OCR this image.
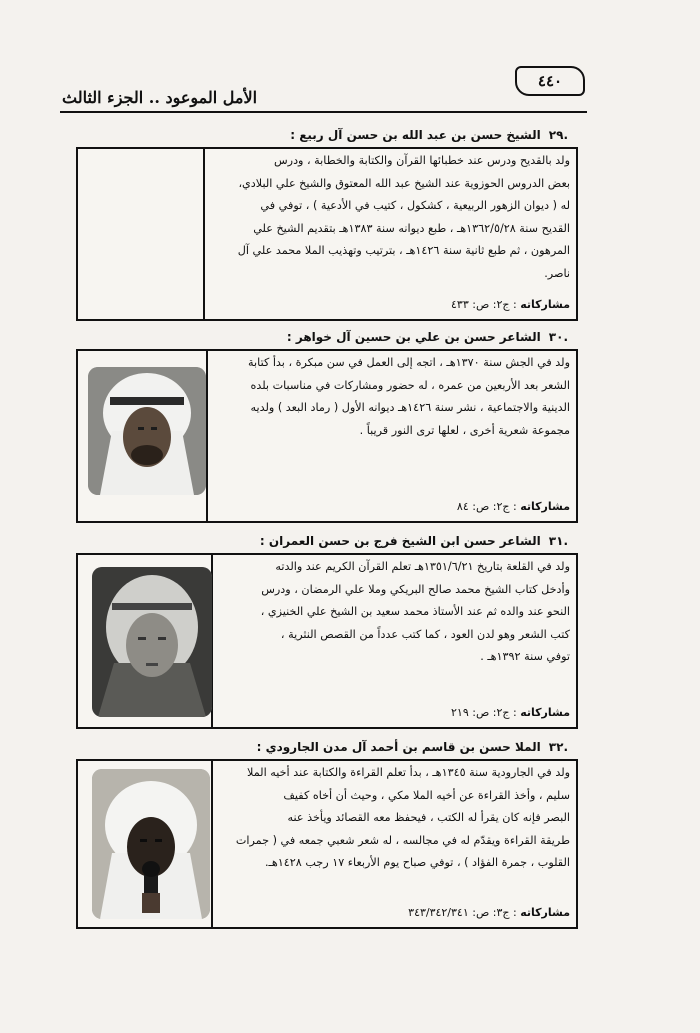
٤٤٠
الأمل الموعود .. الجزء الثالث
.٢٩الشيخ حسن بن عبد الله بن حسن آل ربيع :
ولد بالقديح ودرس عند خطبائها القرآن والكتابة والخطابة ، ودرس
بعض الدروس الحوزوية عند الشيخ عبد الله المعتوق والشيخ علي البلادي،
له ( ديوان الزهور الربيعية ، كشكول ، كتيب في الأدعية ) ، توفي في
القديح سنة ١٣٦٢/٥/٢٨هـ ، طبع ديوانه سنة ١٣٨٣هـ بتقديم الشيخ علي
المرهون ، ثم طبع ثانية سنة ١٤٢٦هـ ، بترتيب وتهذيب الملا محمد علي آل
ناصر.
مشاركاته : ج٢: ص: ٤٣٣
.٣٠الشاعر حسن بن علي بن حسين آل خواهر :
ولد في الجش سنة ١٣٧٠هـ ، اتجه إلى العمل في سن مبكرة ، بدأ كتابة
الشعر بعد الأربعين من عمره ، له حضور ومشاركات في مناسبات بلده
الدينية والاجتماعية ، نشر سنة ١٤٢٦هـ ديوانه الأول ( رماد البعد ) ولديه
مجموعة شعرية أخرى ، لعلها ترى النور قريباً .
مشاركاته : ج٢: ص: ٨٤
.٣١الشاعر حسن ابن الشيخ فرج بن حسن العمران :
ولد في القلعة بتاريخ ١٣٥١/٦/٢١هـ تعلم القرآن الكريم عند والدته
وأدخل كتاب الشيخ محمد صالح البريكي وملا علي الرمضان ، ودرس
النحو عند والده ثم عند الأستاذ محمد سعيد بن الشيخ علي الخنيزي ،
كتب الشعر وهو لدن العود ، كما كتب عدداً من القصص النثرية ،
توفي سنة ١٣٩٢هـ .
مشاركاته : ج٢: ص: ٢١٩
.٣٢الملا حسن بن قاسم بن أحمد آل مدن الجارودي :
ولد في الجارودية سنة ١٣٤٥هـ ، بدأ تعلم القراءة والكتابة عند أخيه الملا
سليم ، وأخذ القراءة عن أخيه الملا مكي ، وحيث أن أخاه كفيف
البصر فإنه كان يقرأ له الكتب ، فيحفظ معه القصائد ويأخذ عنه
طريقة القراءة ويقدّم له في مجالسه ، له شعر شعبي جمعه في ( جمرات
القلوب ، جمرة الفؤاد ) ، توفي صباح يوم الأربعاء ١٧ رجب ١٤٢٨هـ.
مشاركاته : ج٣: ص: ٣٤٣/٣٤٢/٣٤١
